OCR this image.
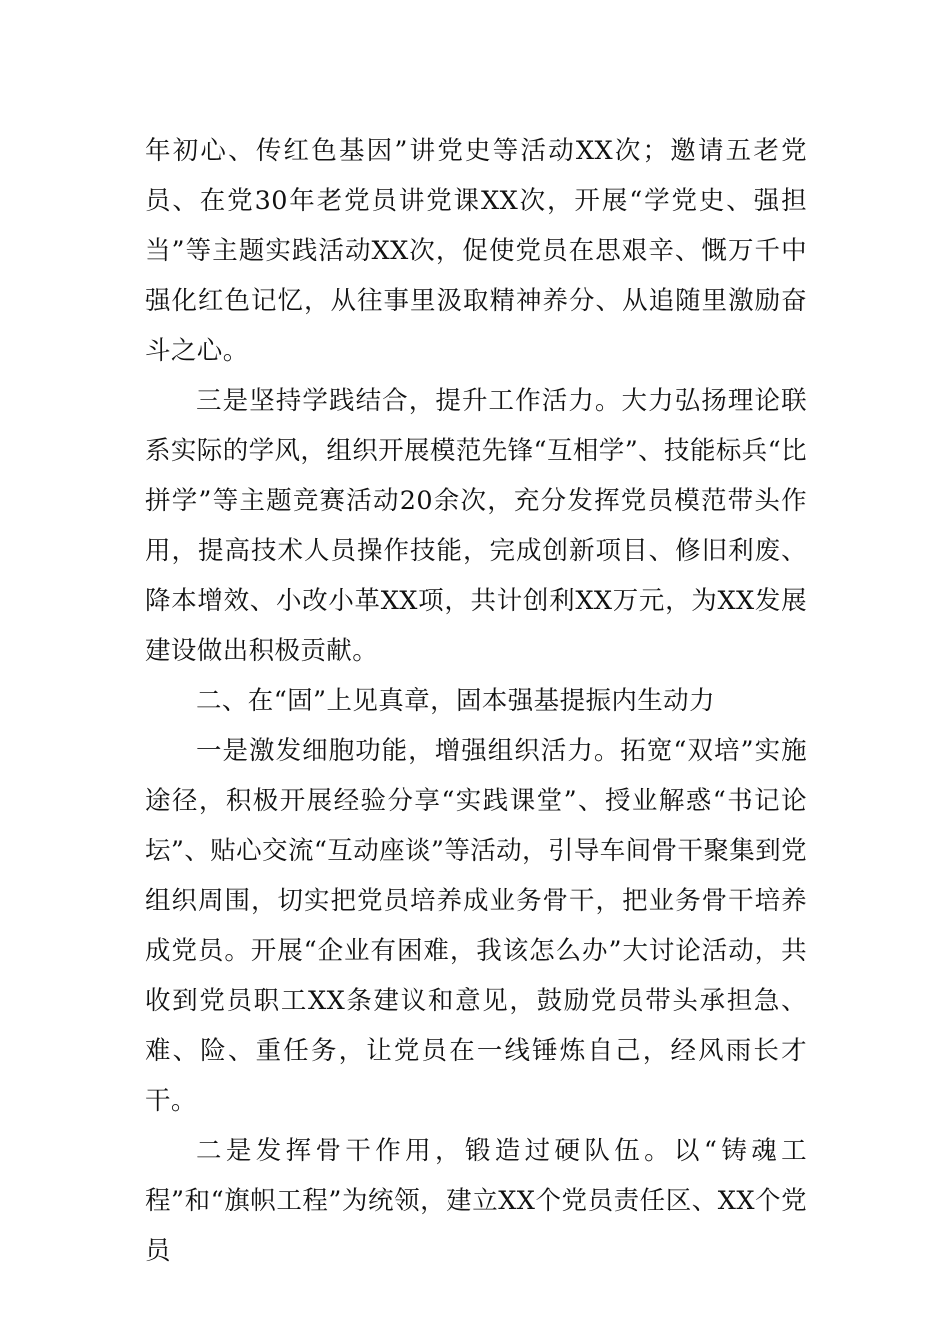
年初心、传红色基因”讲党史等活动XX次；邀请五老党员、在党30年老党员讲党课XX次，开展“学党史、强担当”等主题实践活动XX次，促使党员在思艰辛、慨万千中强化红色记忆，从往事里汲取精神养分、从追随里激励奋斗之心。

三是坚持学践结合，提升工作活力。大力弘扬理论联系实际的学风，组织开展模范先锋“互相学”、技能标兵“比拼学”等主题竞赛活动20余次，充分发挥党员模范带头作用，提高技术人员操作技能，完成创新项目、修旧利废、降本增效、小改小革XX项，共计创利XX万元，为XX发展建设做出积极贡献。

二、在“固”上见真章，固本强基提振内生动力

一是激发细胞功能，增强组织活力。拓宽“双培”实施途径，积极开展经验分享“实践课堂”、授业解惑“书记论坛”、贴心交流“互动座谈”等活动，引导车间骨干聚集到党组织周围，切实把党员培养成业务骨干，把业务骨干培养成党员。开展“企业有困难，我该怎么办”大讨论活动，共收到党员职工XX条建议和意见，鼓励党员带头承担急、难、险、重任务，让党员在一线锤炼自己，经风雨长才干。

二是发挥骨干作用，锻造过硬队伍。以“铸魂工程”和“旗帜工程”为统领，建立XX个党员责任区、XX个党员
